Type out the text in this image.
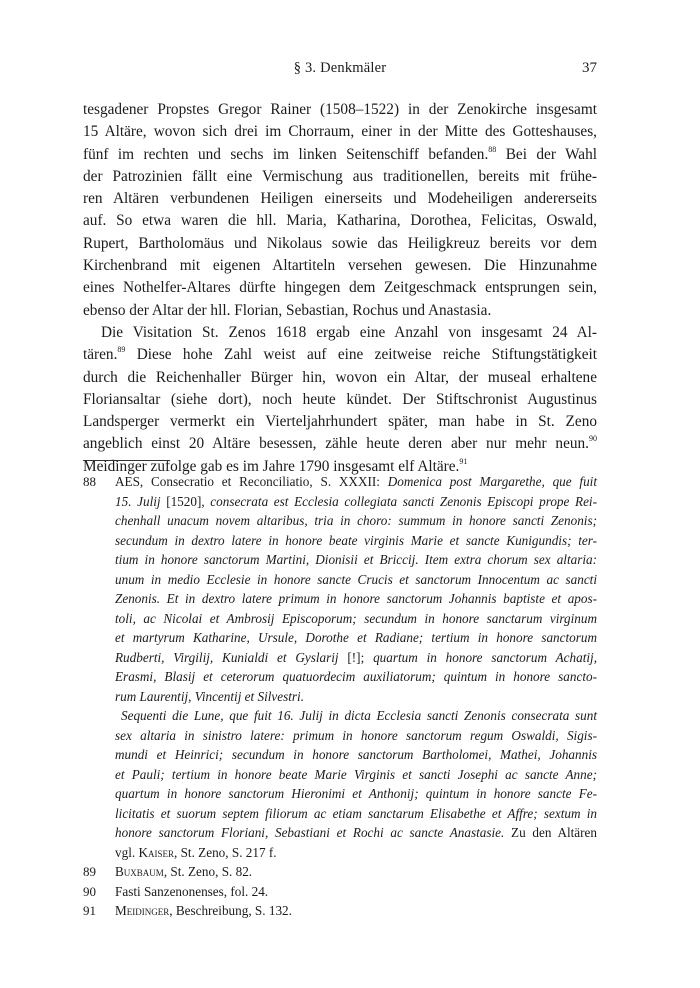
§ 3. Denkmäler	37
tesgadener Propstes Gregor Rainer (1508–1522) in der Zenokirche insgesamt
15 Altäre, wovon sich drei im Chorraum, einer in der Mitte des Gotteshauses,
fünf im rechten und sechs im linken Seitenschiff befanden.$^{88}$ Bei der Wahl
der Patrozinien fällt eine Vermischung aus traditionellen, bereits mit frühe-
ren Altären verbundenen Heiligen einerseits und Modeheiligen andererseits
auf. So etwa waren die hll. Maria, Katharina, Dorothea, Felicitas, Oswald,
Rupert, Bartholomäus und Nikolaus sowie das Heiligkreuz bereits vor dem
Kirchenbrand mit eigenen Altartiteln versehen gewesen. Die Hinzunahme
eines Nothelfer-Altares dürfte hingegen dem Zeitgeschmack entsprungen sein,
ebenso der Altar der hll. Florian, Sebastian, Rochus und Anastasia.
Die Visitation St. Zenos 1618 ergab eine Anzahl von insgesamt 24 Al-
tären.$^{89}$ Diese hohe Zahl weist auf eine zeitweise reiche Stiftungstätigkeit
durch die Reichenhaller Bürger hin, wovon ein Altar, der museal erhaltene
Floriansaltar (siehe dort), noch heute kündet. Der Stiftschronist Augustinus
Landsperger vermerkt ein Vierteljahrhundert später, man habe in St. Zeno
angeblich einst 20 Altäre besessen, zähle heute deren aber nur mehr neun.$^{90}$
Meidinger zufolge gab es im Jahre 1790 insgesamt elf Altäre.$^{91}$
88 AES, Consecratio et Reconciliatio, S. XXXII: Domenica post Margarethe, que fuit
15. Julij [1520], consecrata est Ecclesia collegiata sancti Zenonis Episcopi prope Rei-
chenhall unacum novem altaribus, tria in choro: summum in honore sancti Zenonis;
secundum in dextro latere in honore beate virginis Marie et sancte Kunigundis; ter-
tium in honore sanctorum Martini, Dionisii et Briccij. Item extra chorum sex altaria:
unum in medio Ecclesie in honore sancte Crucis et sanctorum Innocentum ac sancti
Zenonis. Et in dextro latere primum in honore sanctorum Johannis baptiste et apos-
toli, ac Nicolai et Ambrosij Episcoporum; secundum in honore sanctarum virginum
et martyrum Katharine, Ursule, Dorothe et Radiane; tertium in honore sanctorum
Rudberti, Virgilij, Kunialdi et Gyslarij [!]; quartum in honore sanctorum Achatij,
Erasmi, Blasij et ceterorum quatuordecim auxiliatorum; quintum in honore sancto-
rum Laurentij, Vincentij et Silvestri.
Sequenti die Lune, que fuit 16. Julij in dicta Ecclesia sancti Zenonis consecrata sunt
sex altaria in sinistro latere: primum in honore sanctorum regum Oswaldi, Sigis-
mundi et Heinrici; secundum in honore sanctorum Bartholomei, Mathei, Johannis
et Pauli; tertium in honore beate Marie Virginis et sancti Josephi ac sancte Anne;
quartum in honore sanctorum Hieronimi et Anthonij; quintum in honore sancte Fe-
licitatis et suorum septem filiorum ac etiam sanctarum Elisabethe et Affre; sextum in
honore sanctorum Floriani, Sebastiani et Rochi ac sancte Anastasie. Zu den Altären
vgl. Kaiser, St. Zeno, S. 217 f.
89 Buxbaum, St. Zeno, S. 82.
90 Fasti Sanzenonenses, fol. 24.
91 Meidinger, Beschreibung, S. 132.
